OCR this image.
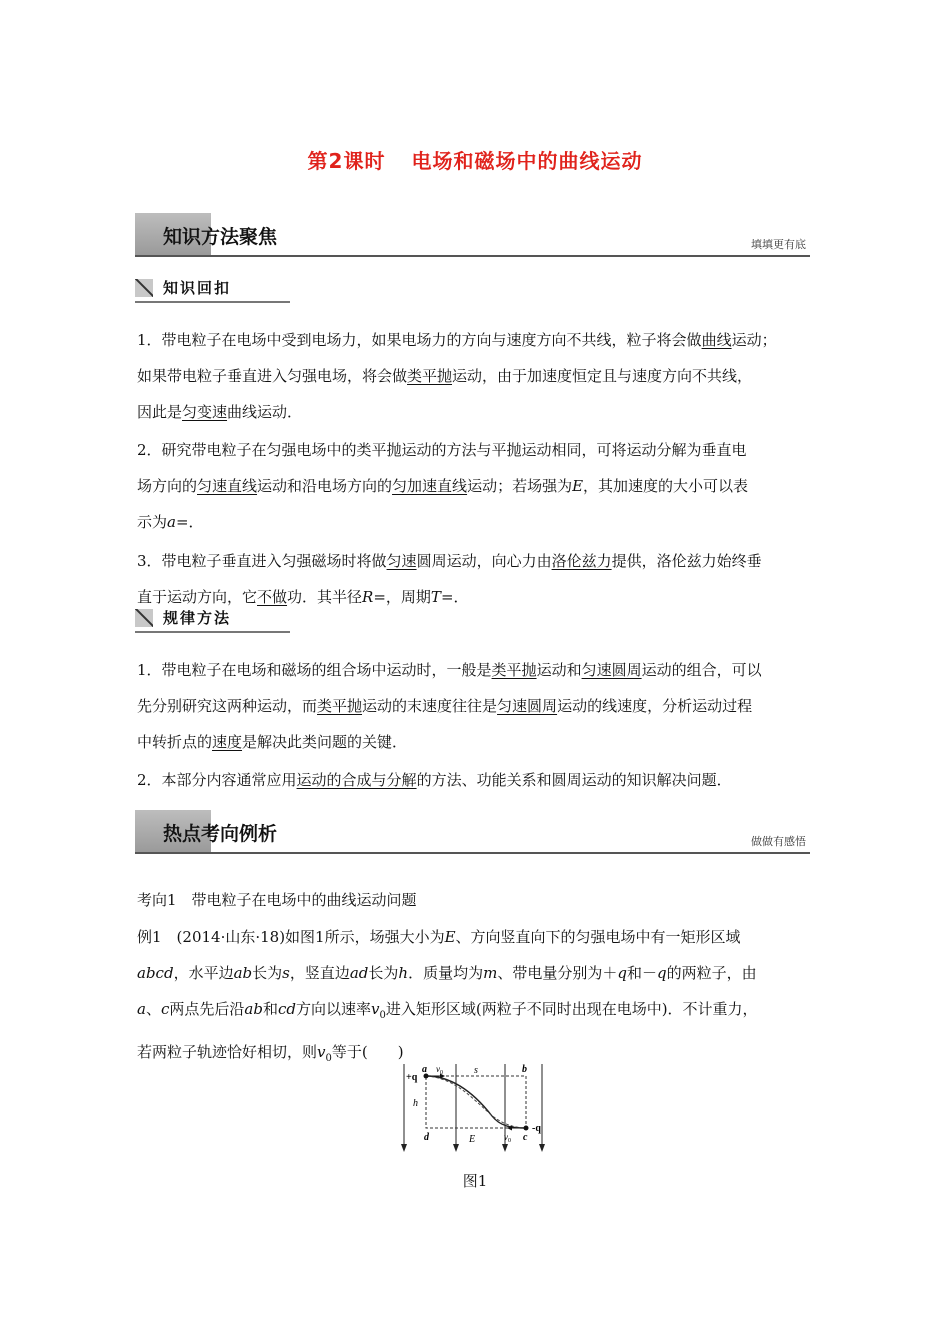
第2课时 电场和磁场中的曲线运动
知识方法聚焦	填填更有底
知识回扣
1．带电粒子在电场中受到电场力，如果电场力的方向与速度方向不共线，粒子将会做曲线运动；
如果带电粒子垂直进入匀强电场，将会做类平抛运动，由于加速度恒定且与速度方向不共线，
因此是匀变速曲线运动．
2．研究带电粒子在匀强电场中的类平抛运动的方法与平抛运动相同，可将运动分解为垂直电
场方向的匀速直线运动和沿电场方向的匀加速直线运动；若场强为E，其加速度的大小可以表
示为a=．
3．带电粒子垂直进入匀强磁场时将做匀速圆周运动，向心力由洛伦兹力提供，洛伦兹力始终垂
直于运动方向，它不做功．其半径R=，周期T=．
规律方法
1．带电粒子在电场和磁场的组合场中运动时，一般是类平抛运动和匀速圆周运动的组合，可以
先分别研究这两种运动，而类平抛运动的末速度往往是匀速圆周运动的线速度，分析运动过程
中转折点的速度是解决此类问题的关键．
2．本部分内容通常应用运动的合成与分解的方法、功能关系和圆周运动的知识解决问题．
热点考向例析	做做有感悟
考向1　带电粒子在电场中的曲线运动问题
例1　(2014·山东·18)如图1所示，场强大小为E、方向竖直向下的匀强电场中有一矩形区域
abcd，水平边ab长为s，竖直边ad长为h．质量均为m、带电量分别为＋q和－q的两粒子，由
a、c两点先后沿ab和cd方向以速率$v_0$进入矩形区域(两粒子不同时出现在电场中)．不计重力，
若两粒子轨迹恰好相切，则$v_0$等于(　　)
+q
a $v_0$	s	b
h
d	E	$v_0$ c
-q
图1
